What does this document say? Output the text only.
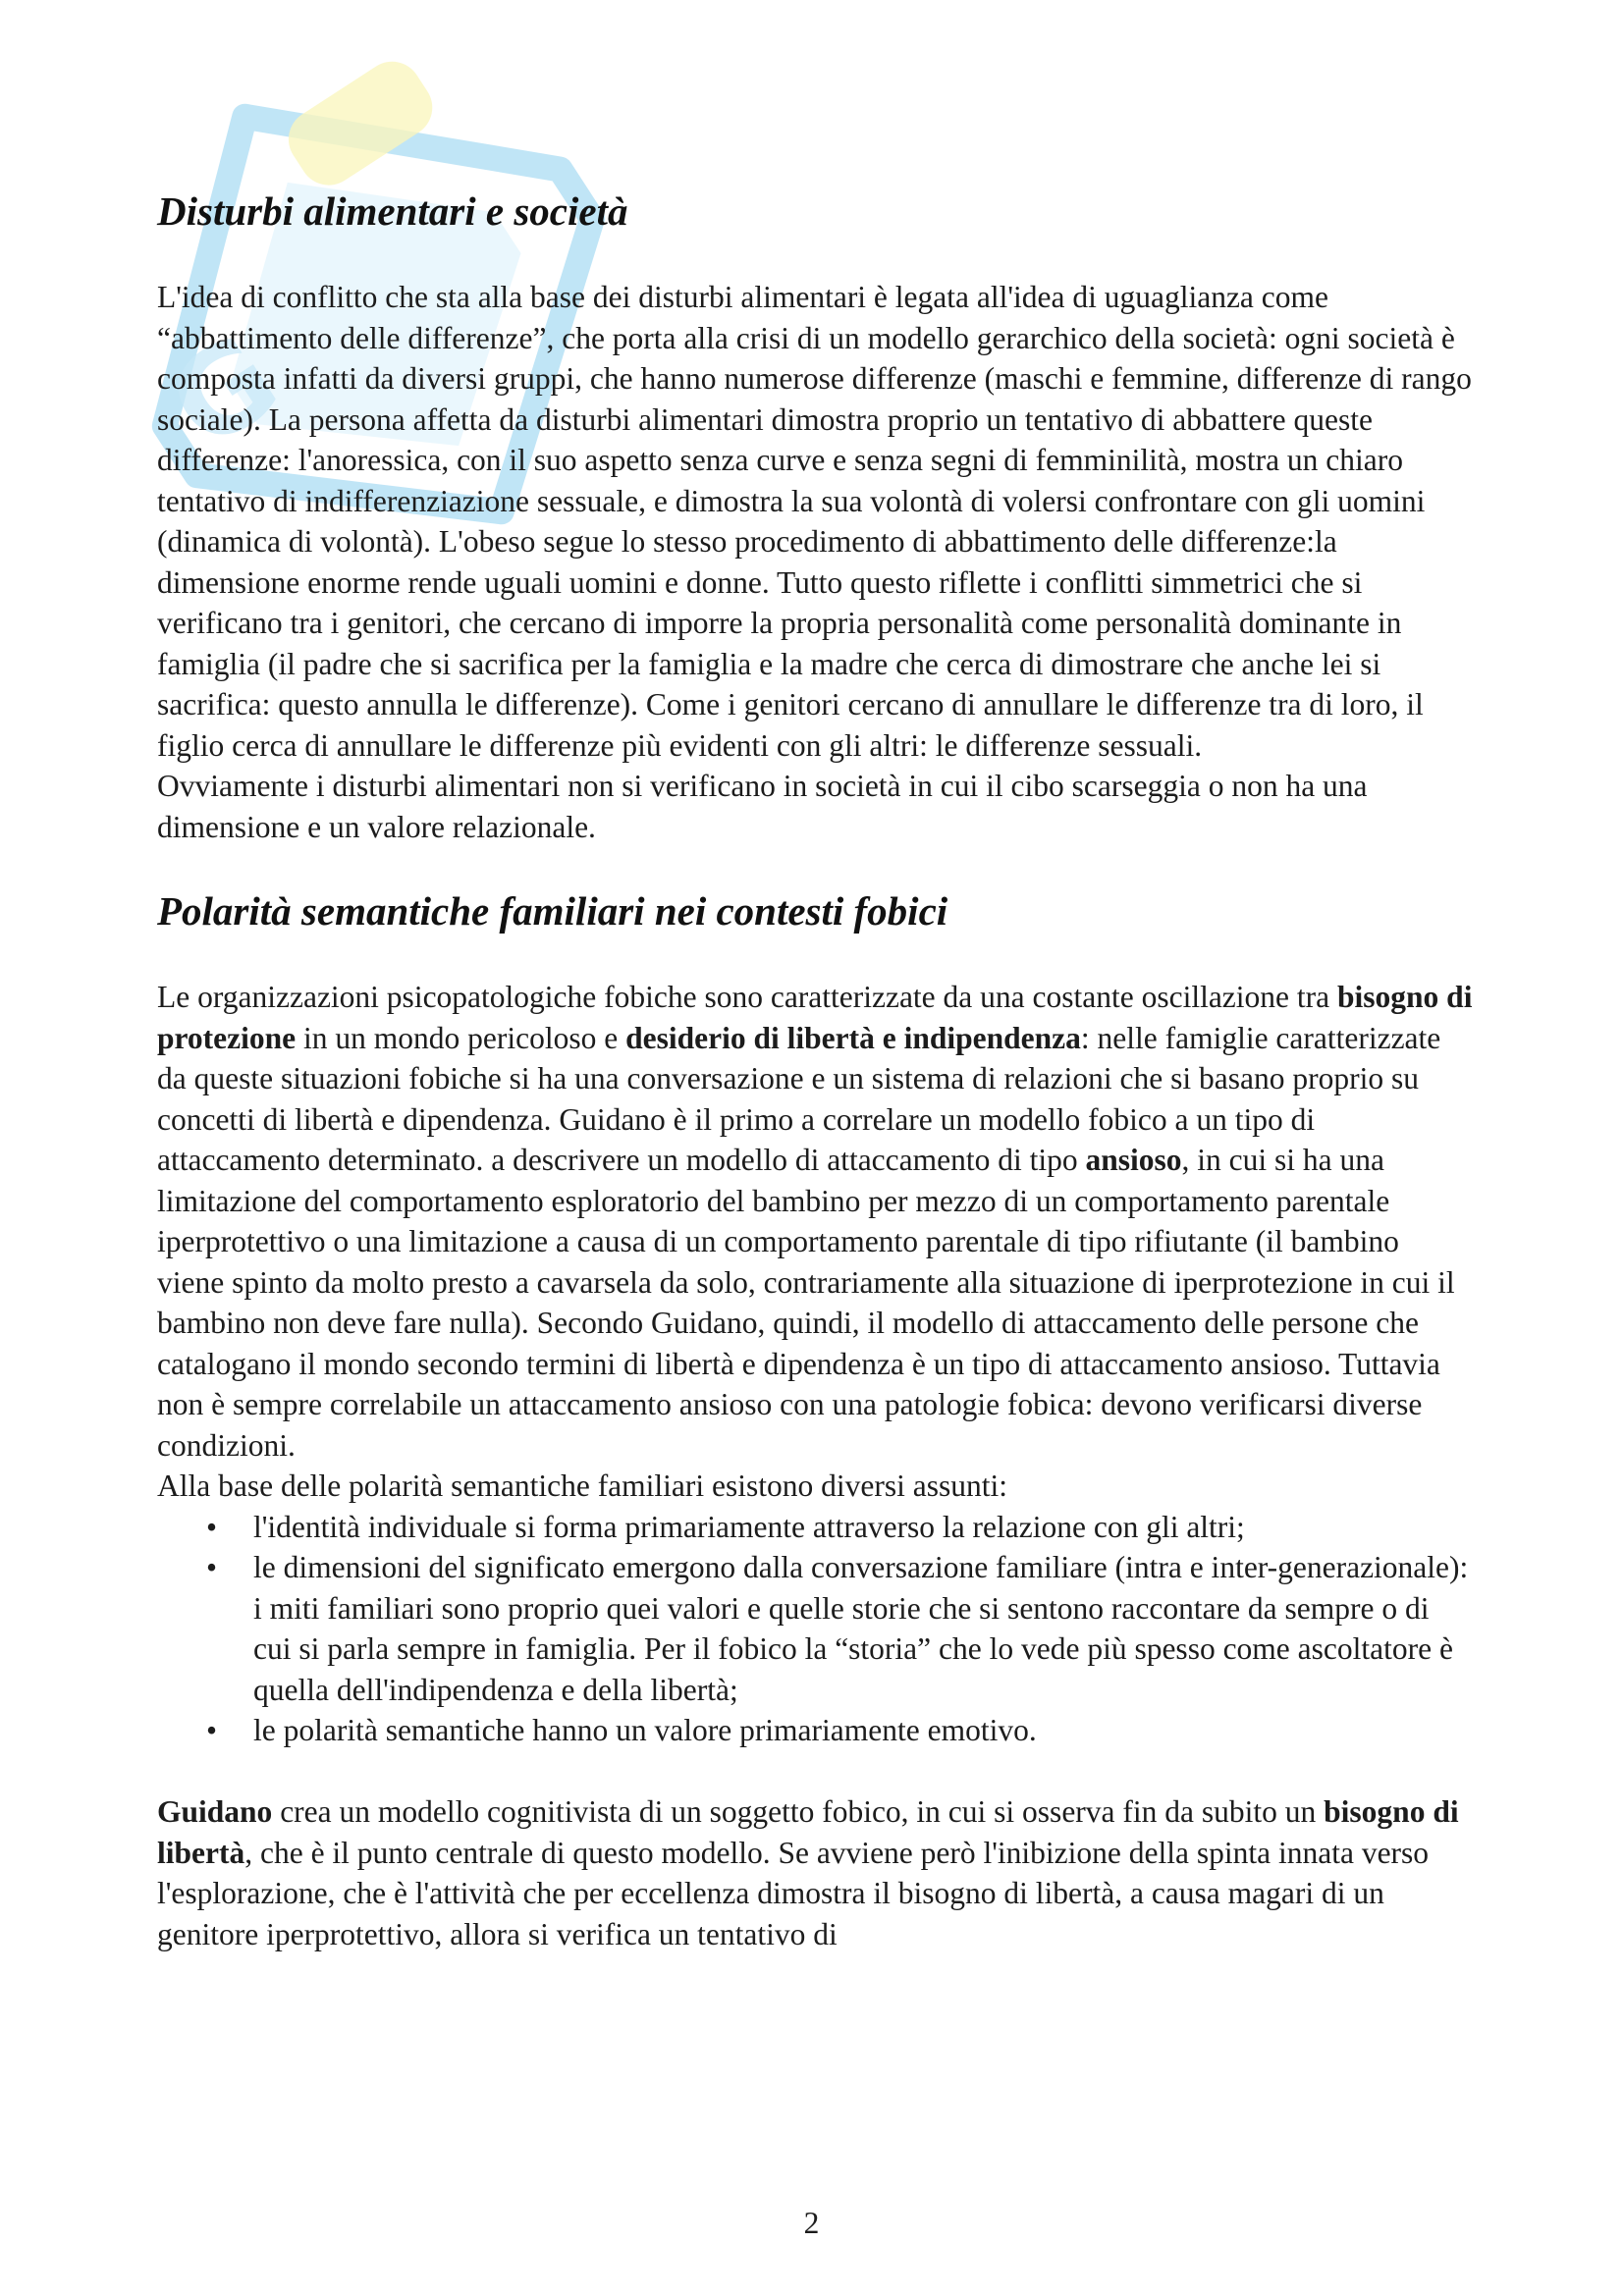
G
Disturbi alimentari e società

L'idea di conflitto che sta alla base dei disturbi alimentari è legata all'idea di uguaglianza come “abbattimento delle differenze”, che porta alla crisi di un modello gerarchico della società: ogni società è composta infatti da diversi gruppi, che hanno numerose differenze (maschi e femmine, differenze di rango sociale). La persona affetta da disturbi alimentari dimostra proprio un tentativo di abbattere queste differenze: l'anoressica, con il suo aspetto senza curve e senza segni di femminilità, mostra un chiaro tentativo di indifferenziazione sessuale, e dimostra la sua volontà di volersi confrontare con gli uomini (dinamica di volontà). L'obeso segue lo stesso procedimento di abbattimento delle differenze:la dimensione enorme rende uguali uomini e donne. Tutto questo riflette i conflitti simmetrici che si verificano tra i genitori, che cercano di imporre la propria personalità come personalità dominante in famiglia (il padre che si sacrifica per la famiglia e la madre che cerca di dimostrare che anche lei si sacrifica: questo annulla le differenze). Come i genitori cercano di annullare le differenze tra di loro, il figlio cerca di annullare le differenze più evidenti con gli altri: le differenze sessuali.

Ovviamente i disturbi alimentari non si verificano in società in cui il cibo scarseggia o non ha una dimensione e un valore relazionale.

Polarità semantiche familiari nei contesti fobici

Le organizzazioni psicopatologiche fobiche sono caratterizzate da una costante oscillazione tra bisogno di protezione in un mondo pericoloso e desiderio di libertà e indipendenza: nelle famiglie caratterizzate da queste situazioni fobiche si ha una conversazione e un sistema di relazioni che si basano proprio su concetti di libertà e dipendenza. Guidano è il primo a correlare un modello fobico a un tipo di attaccamento determinato. a descrivere un modello di attaccamento di tipo ansioso, in cui si ha una limitazione del comportamento esploratorio del bambino per mezzo di un comportamento parentale iperprotettivo o una limitazione a causa di un comportamento parentale di tipo rifiutante (il bambino viene spinto da molto presto a cavarsela da solo, contrariamente alla situazione di iperprotezione in cui il bambino non deve fare nulla). Secondo Guidano, quindi, il modello di attaccamento delle persone che catalogano il mondo secondo termini di libertà e dipendenza è un tipo di attaccamento ansioso. Tuttavia non è sempre correlabile un attaccamento ansioso con una patologie fobica: devono verificarsi diverse condizioni.

Alla base delle polarità semantiche familiari esistono diversi assunti:

• l'identità individuale si forma primariamente attraverso la relazione con gli altri;
• le dimensioni del significato emergono dalla conversazione familiare (intra e inter-generazionale): i miti familiari sono proprio quei valori e quelle storie che si sentono raccontare da sempre o di cui si parla sempre in famiglia. Per il fobico la “storia” che lo vede più spesso come ascoltatore è quella dell'indipendenza e della libertà;
• le polarità semantiche hanno un valore primariamente emotivo.

Guidano crea un modello cognitivista di un soggetto fobico, in cui si osserva fin da subito un bisogno di libertà, che è il punto centrale di questo modello. Se avviene però l'inibizione della spinta innata verso l'esplorazione, che è l'attività che per eccellenza dimostra il bisogno di libertà, a causa magari di un genitore iperprotettivo, allora si verifica un tentativo di

2
